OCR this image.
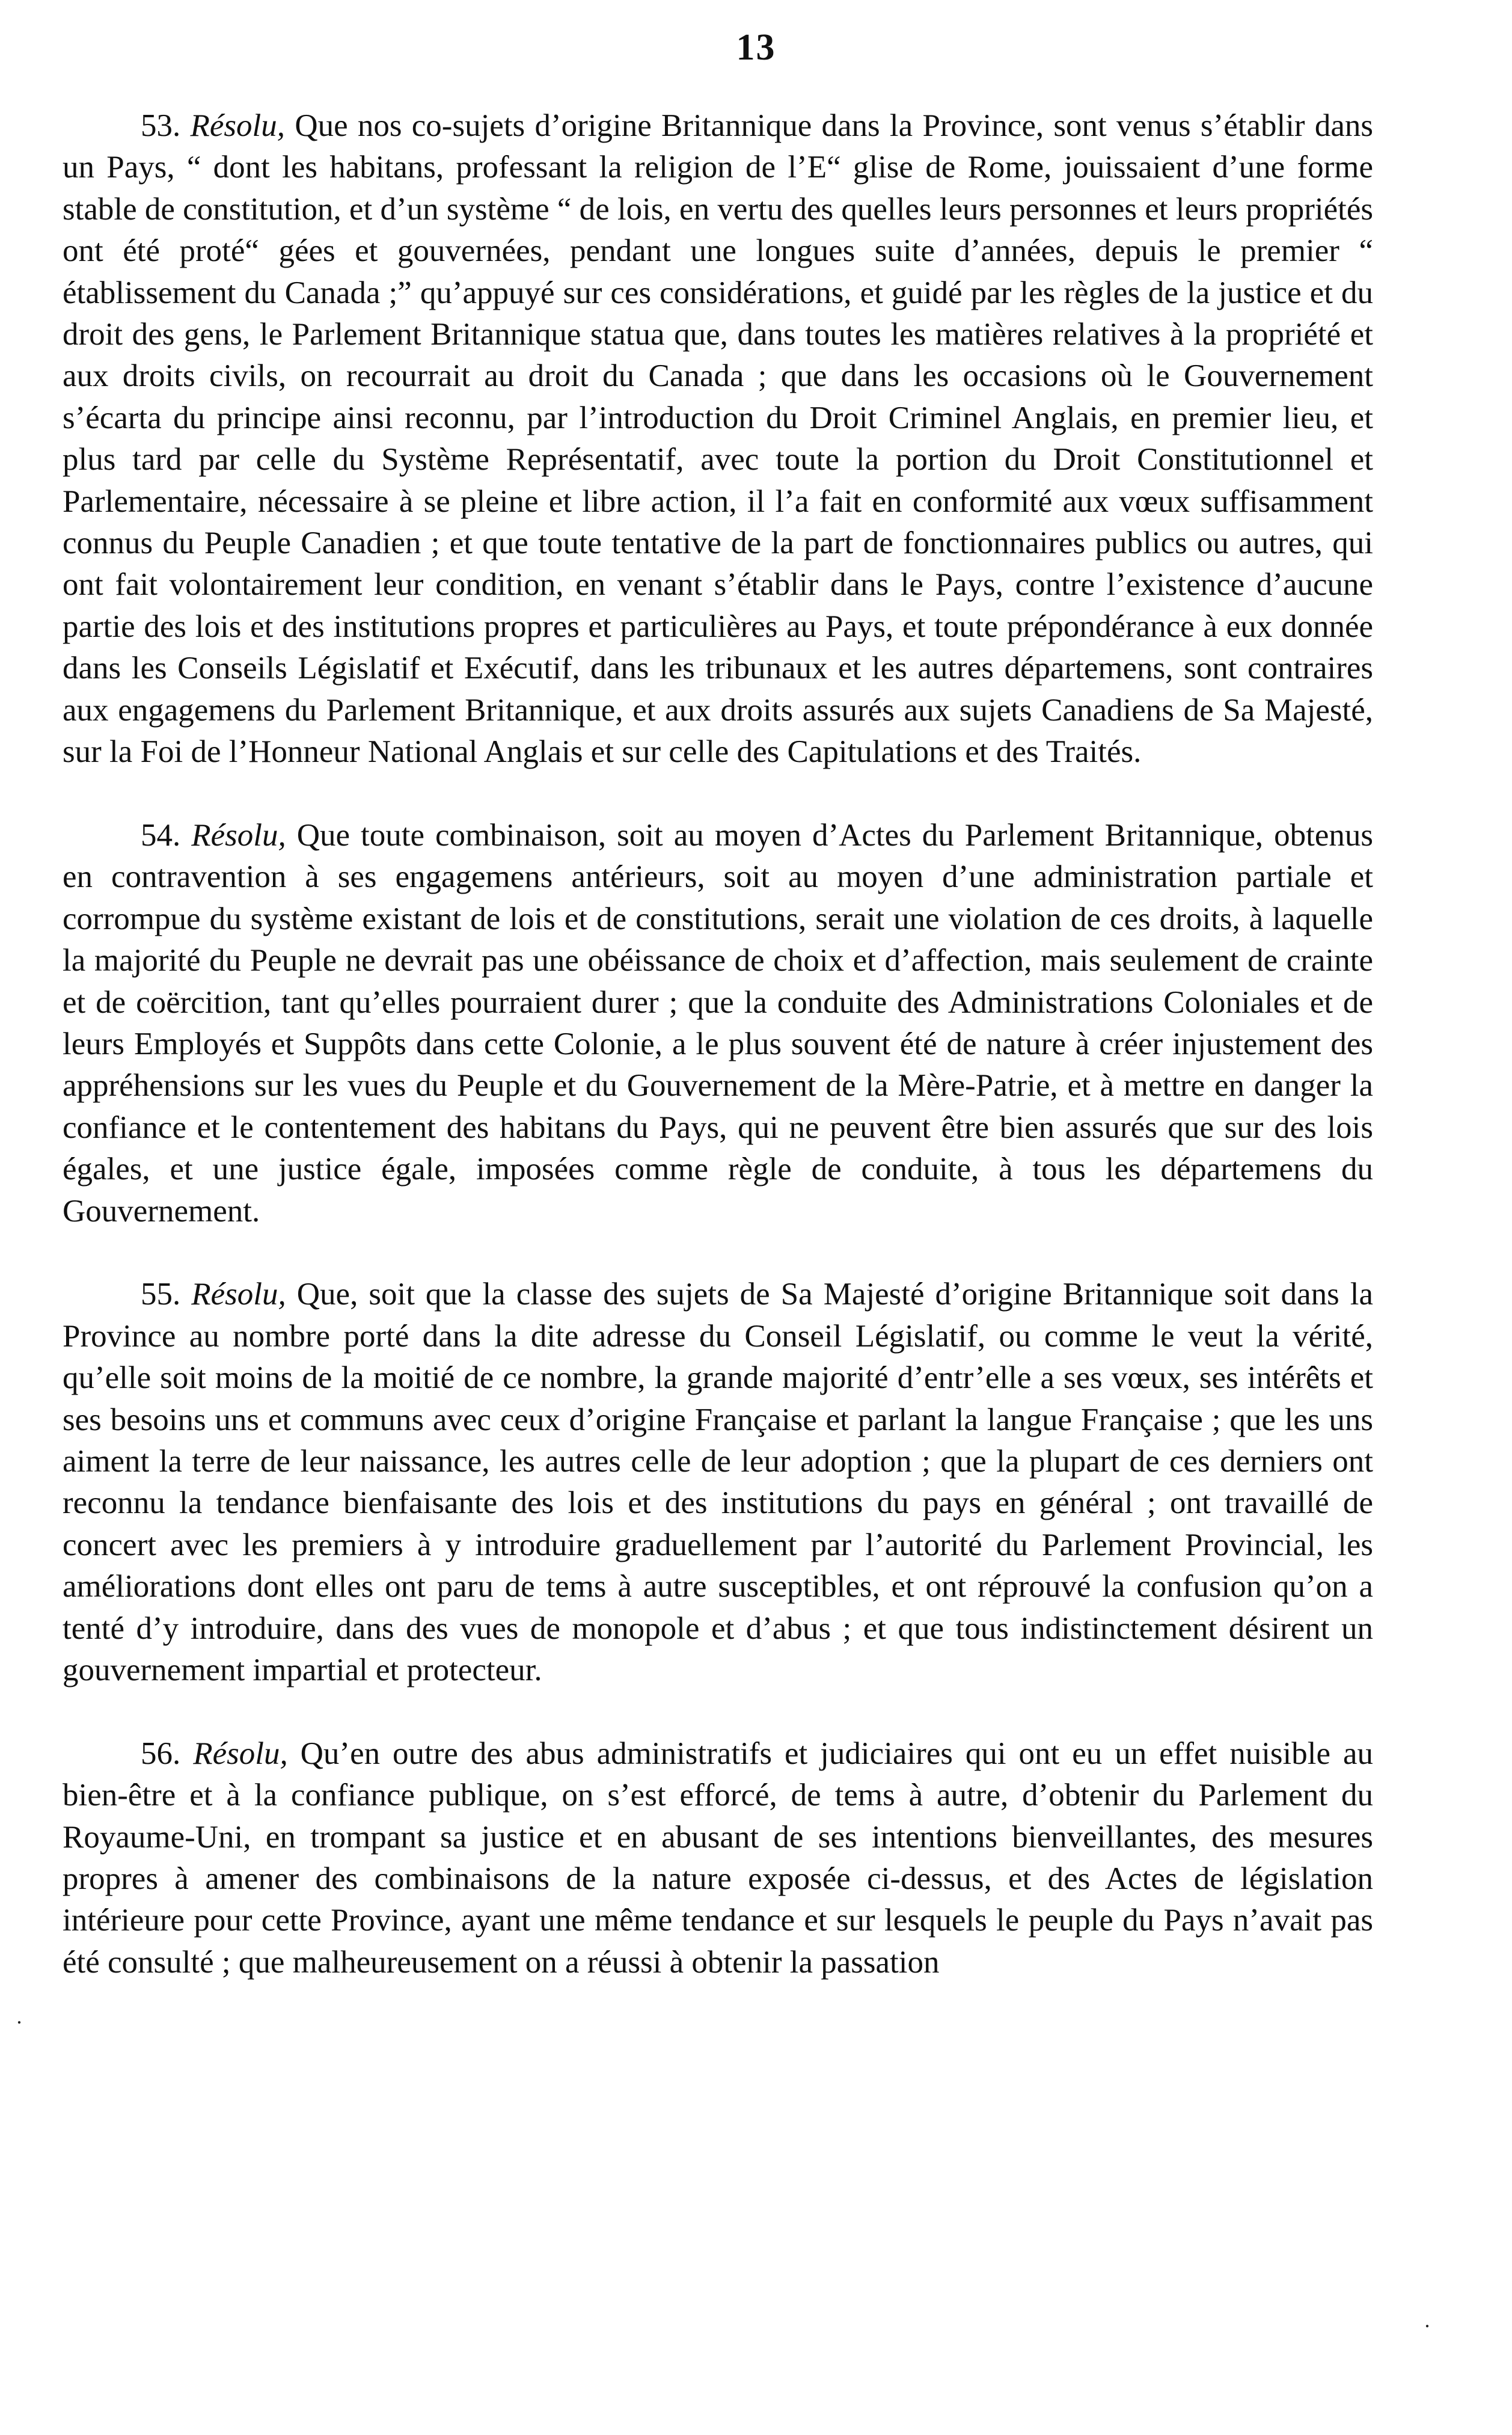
13

53. Résolu, Que nos co-sujets d’origine Britannique dans la Province, sont venus s’établir dans un Pays, “ dont les habitans, professant la religion de l’E“ glise de Rome, jouissaient d’une forme stable de constitution, et d’un système “ de lois, en vertu des quelles leurs personnes et leurs propriétés ont été proté“ gées et gouvernées, pendant une longues suite d’années, depuis le premier “ établissement du Canada ;” qu’appuyé sur ces considérations, et guidé par les règles de la justice et du droit des gens, le Parlement Britannique statua que, dans toutes les matières relatives à la propriété et aux droits civils, on recourrait au droit du Canada ; que dans les occasions où le Gouvernement s’écarta du principe ainsi reconnu, par l’introduction du Droit Criminel Anglais, en premier lieu, et plus tard par celle du Système Représentatif, avec toute la portion du Droit Constitutionnel et Parlementaire, nécessaire à se pleine et libre action, il l’a fait en conformité aux vœux suffisamment connus du Peuple Canadien ; et que toute tentative de la part de fonctionnaires publics ou autres, qui ont fait volontairement leur condition, en venant s’établir dans le Pays, contre l’existence d’aucune partie des lois et des institutions propres et particulières au Pays, et toute prépondérance à eux donnée dans les Conseils Législatif et Exécutif, dans les tribunaux et les autres départemens, sont contraires aux engagemens du Parlement Britannique, et aux droits assurés aux sujets Canadiens de Sa Majesté, sur la Foi de l’Honneur National Anglais et sur celle des Capitulations et des Traités.

54. Résolu, Que toute combinaison, soit au moyen d’Actes du Parlement Britannique, obtenus en contravention à ses engagemens antérieurs, soit au moyen d’une administration partiale et corrompue du système existant de lois et de constitutions, serait une violation de ces droits, à laquelle la majorité du Peuple ne devrait pas une obéissance de choix et d’affection, mais seulement de crainte et de coërcition, tant qu’elles pourraient durer ; que la conduite des Administrations Coloniales et de leurs Employés et Suppôts dans cette Colonie, a le plus souvent été de nature à créer injustement des appréhensions sur les vues du Peuple et du Gouvernement de la Mère-Patrie, et à mettre en danger la confiance et le contentement des habitans du Pays, qui ne peuvent être bien assurés que sur des lois égales, et une justice égale, imposées comme règle de conduite, à tous les départemens du Gouvernement.

55. Résolu, Que, soit que la classe des sujets de Sa Majesté d’origine Britannique soit dans la Province au nombre porté dans la dite adresse du Conseil Législatif, ou comme le veut la vérité, qu’elle soit moins de la moitié de ce nombre, la grande majorité d’entr’elle a ses vœux, ses intérêts et ses besoins uns et communs avec ceux d’origine Française et parlant la langue Française ; que les uns aiment la terre de leur naissance, les autres celle de leur adoption ; que la plupart de ces derniers ont reconnu la tendance bienfaisante des lois et des institutions du pays en général ; ont travaillé de concert avec les premiers à y introduire graduellement par l’autorité du Parlement Provincial, les améliorations dont elles ont paru de tems à autre susceptibles, et ont réprouvé la confusion qu’on a tenté d’y introduire, dans des vues de monopole et d’abus ; et que tous indistinctement désirent un gouvernement impartial et protecteur.

56. Résolu, Qu’en outre des abus administratifs et judiciaires qui ont eu un effet nuisible au bien-être et à la confiance publique, on s’est efforcé, de tems à autre, d’obtenir du Parlement du Royaume-Uni, en trompant sa justice et en abusant de ses intentions bienveillantes, des mesures propres à amener des combinaisons de la nature exposée ci-dessus, et des Actes de législation intérieure pour cette Province, ayant une même tendance et sur lesquels le peuple du Pays n’avait pas été consulté ; que malheureusement on a réussi à obtenir la passation

·
·
